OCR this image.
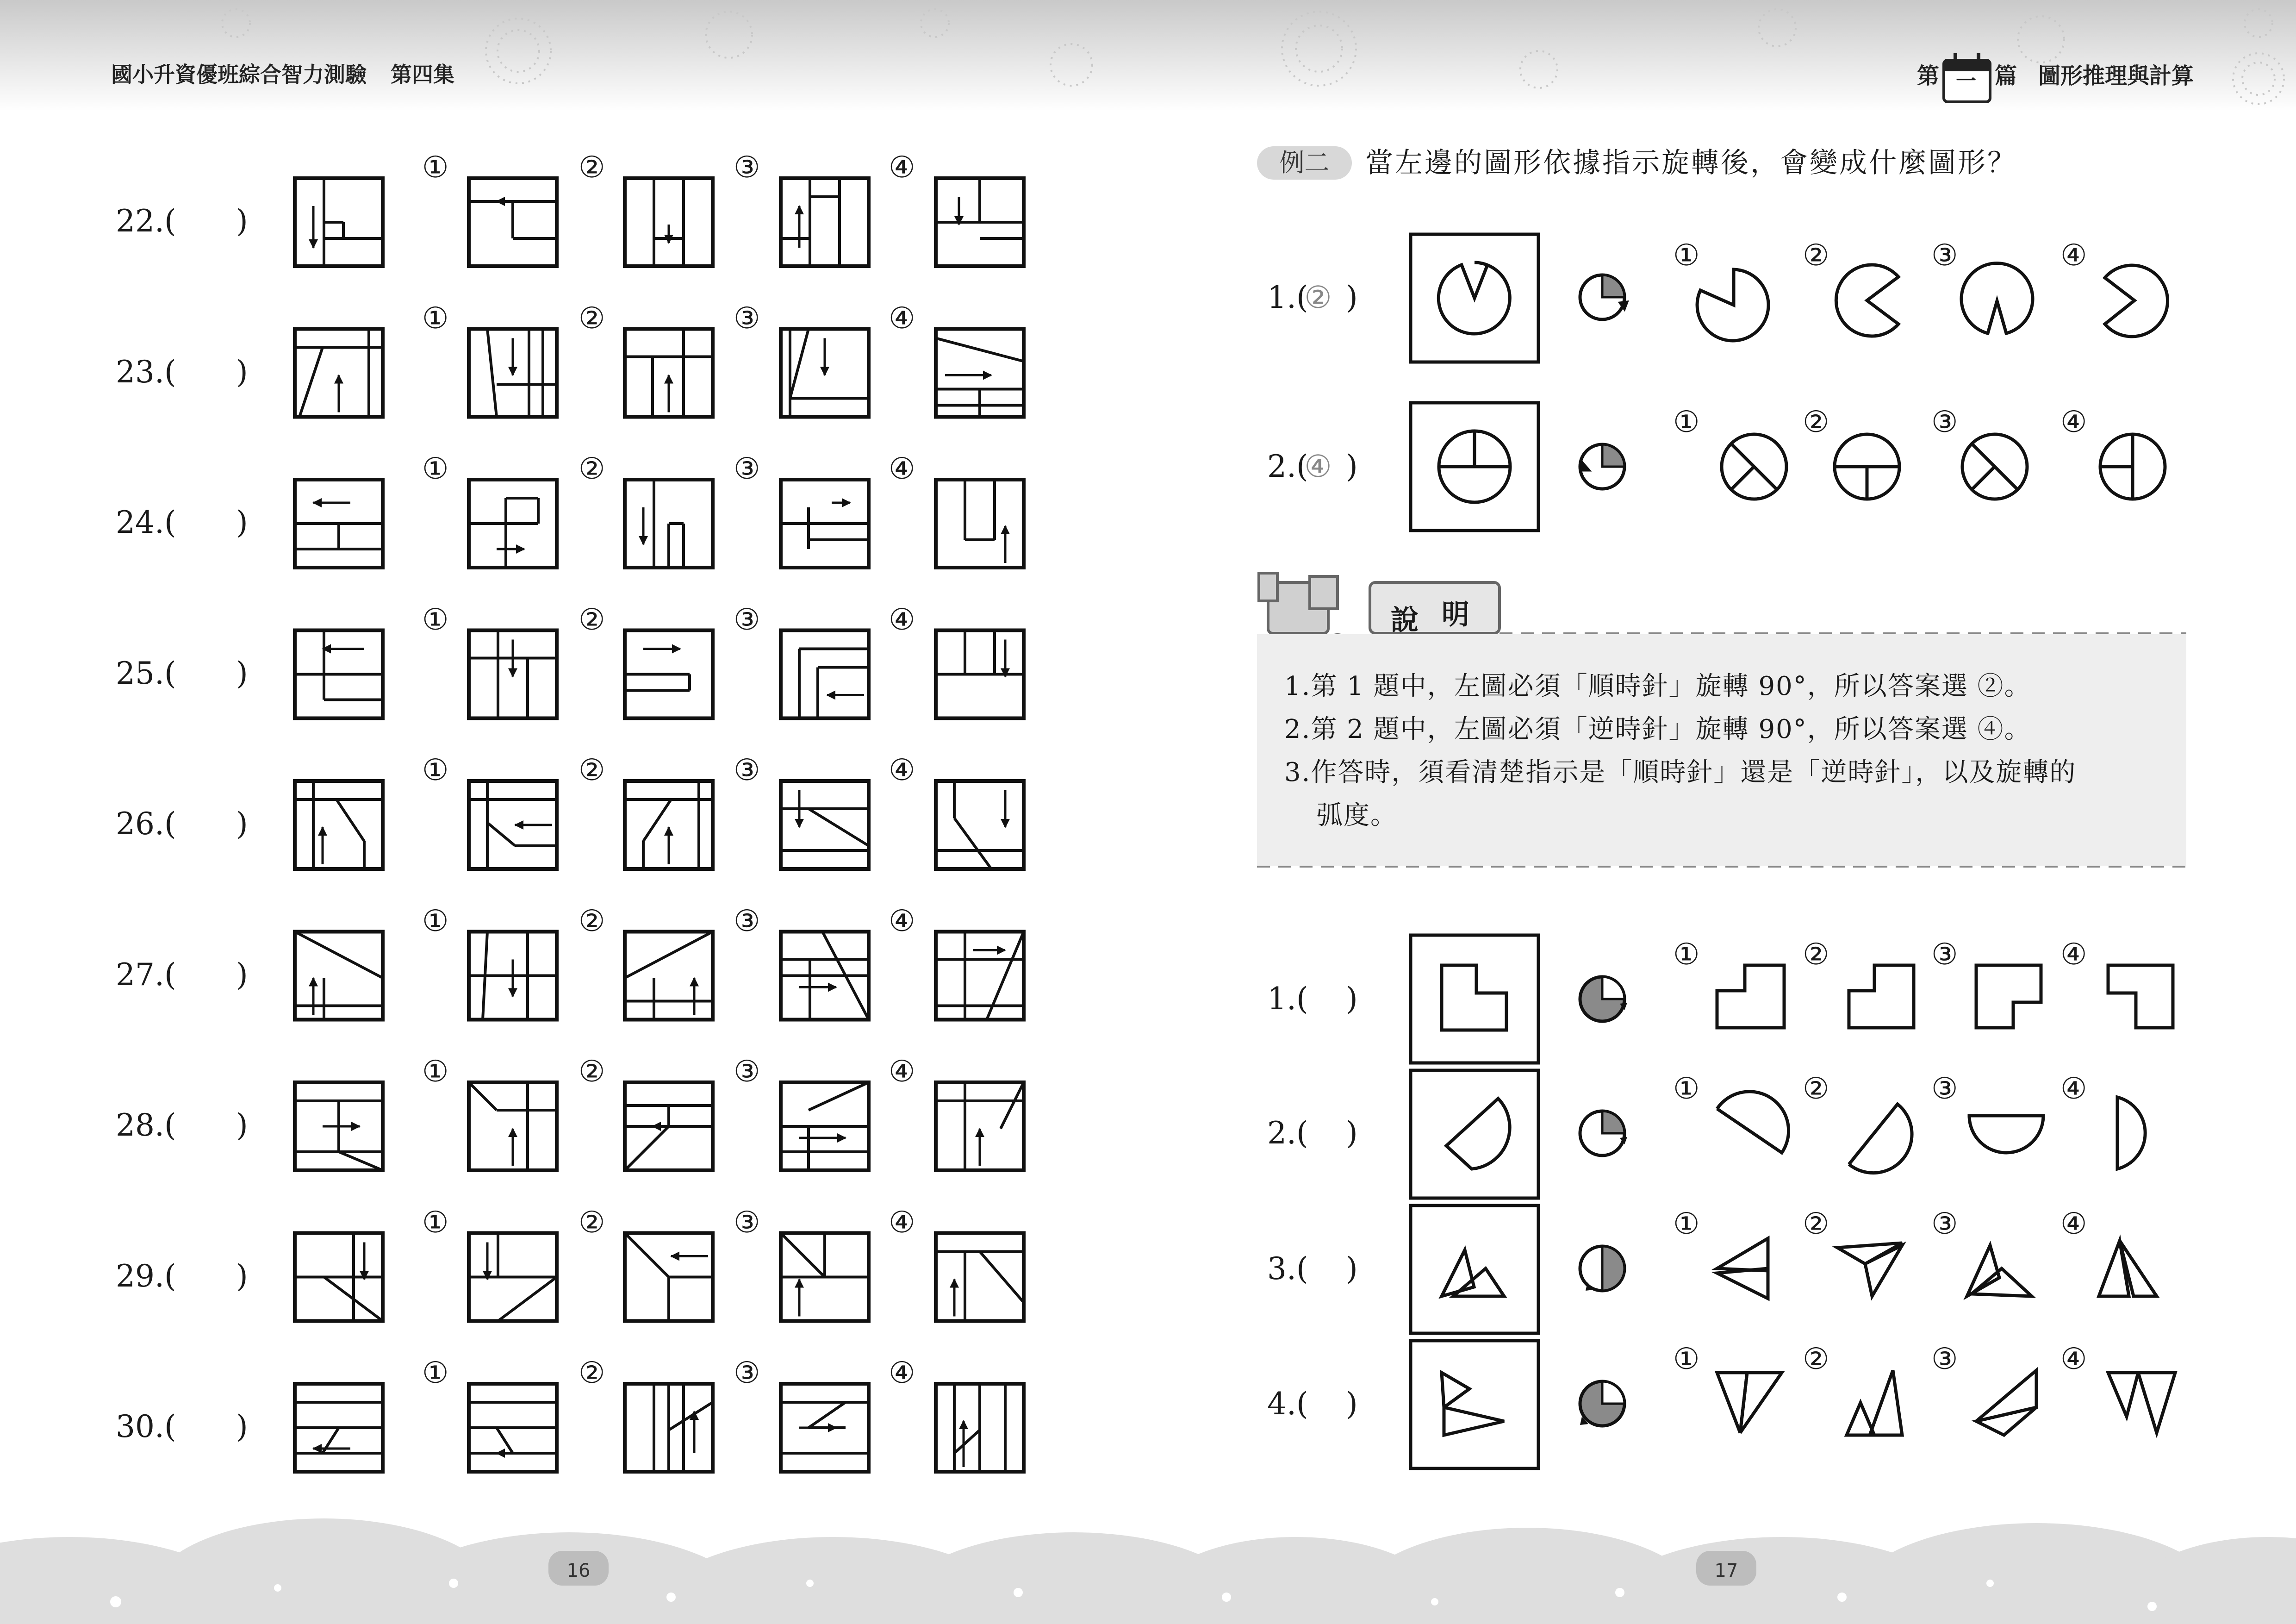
國小升資優班綜合智力測驗 第四集	第 一 篇 圖形推理與計算
22.( )
①	②	③	④
23.( )
①	②	③	④
24.( )
①	②	③	④
25.( )
①	②	③	④
26.( )
①	②	③	④
27.( )
①	②	③	④
28.( )
①	②	③	④
29.( )
①	②	③	④
30.( )
①	②	③	④
例二	當左邊的圖形依據指示旋轉後，會變成什麼圖形？
1.(
② )
2.(
④ )
①	②	③	④
①	②	③	④
說 明
1.第 1 題中，左圖必須「順時針」旋轉 90°，所以答案選 ②。
2.第 2 題中，左圖必須「逆時針」旋轉 90°，所以答案選 ④。
3.作答時，須看清楚指示是「順時針」還是「逆時針」，以及旋轉的
弧度。
1.( )
①	②	③	④
2.( )
①	②	③	④
3.( )
①	②	③	④
4.( )
①	②	③	④
16	17
